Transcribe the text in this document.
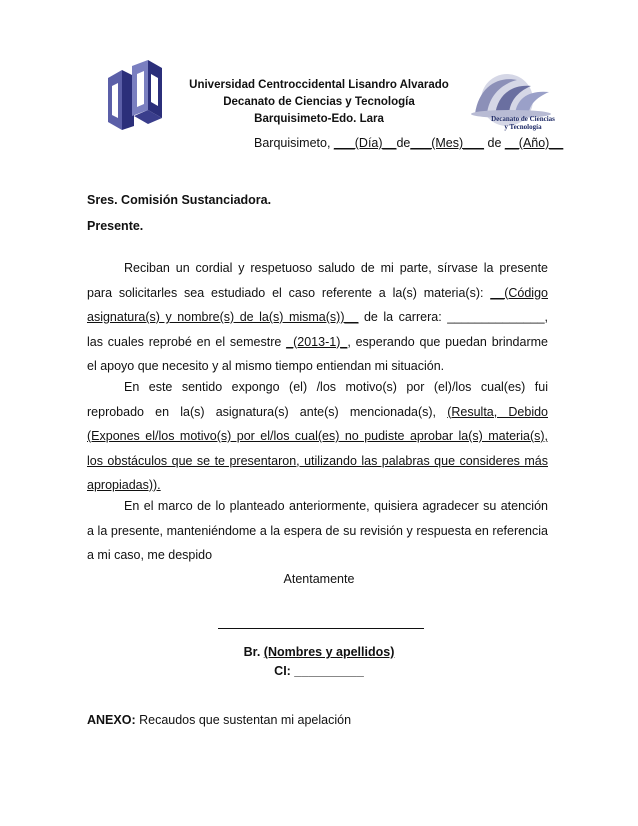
Decanato de Ciencias
y Tecnología
Universidad Centroccidental Lisandro Alvarado
Decanato de Ciencias y Tecnología
Barquisimeto-Edo. Lara
Barquisimeto, ___(Día)__de___(Mes)___ de __(Año)__
Sres. Comisión Sustanciadora.
Presente.
Reciban un cordial y respetuoso saludo de mi parte, sírvase la presente
para solicitarles sea estudiado el caso referente a la(s) materia(s): __(Código
asignatura(s) y nombre(s) de la(s) misma(s))__ de la carrera: ______________,
las cuales reprobé en el semestre _(2013-1)_, esperando que puedan brindarme
el apoyo que necesito y al mismo tiempo entiendan mi situación.
En este sentido expongo (el) /los motivo(s) por (el)/los cual(es) fui
reprobado en la(s) asignatura(s) ante(s) mencionada(s), (Resulta, Debido
(Expones el/los motivo(s) por el/los cual(es) no pudiste aprobar la(s) materia(s),
los obstáculos que se te presentaron, utilizando las palabras que consideres más
apropiadas)).
En el marco de lo planteado anteriormente, quisiera agradecer su atención
a la presente, manteniéndome a la espera de su revisión y respuesta en referencia
a mi caso, me despido
Atentamente
Br. (Nombres y apellidos)
CI: __________
ANEXO: Recaudos que sustentan mi apelación
